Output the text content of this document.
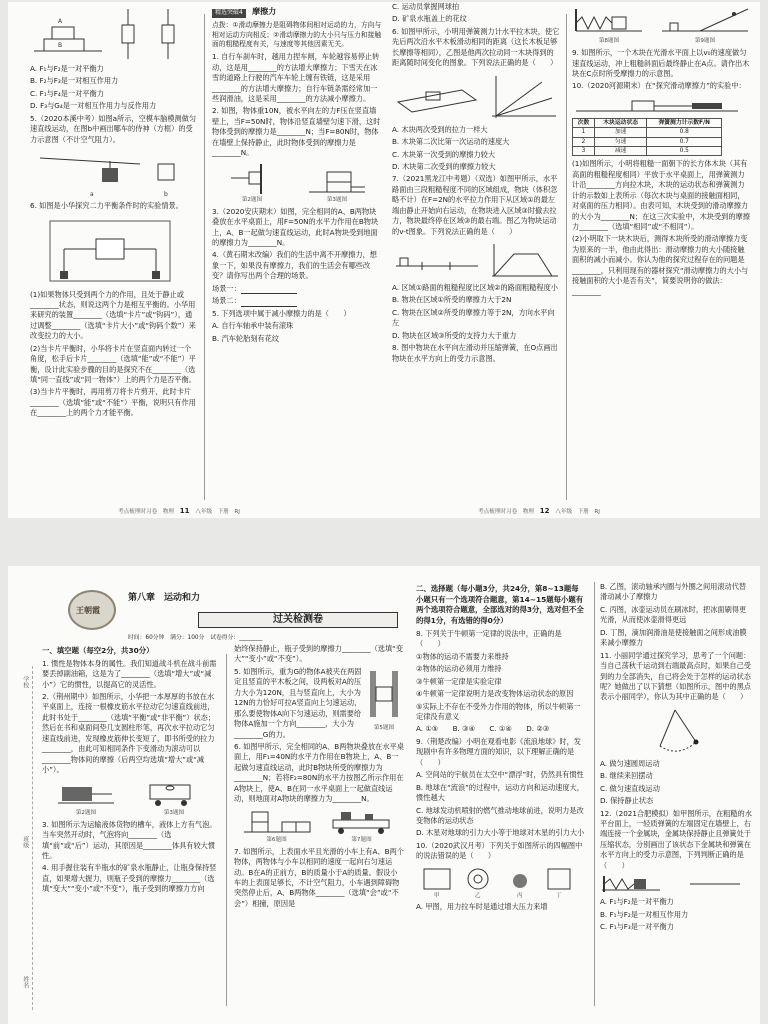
A
B

A. F₁与F₂是一对平衡力

B. F₂与F₃是一对相互作用力

C. F₁与F₄是一对平衡力

D. F₃与G₄是一对相互作用力与反作用力

5.（2020本溪中考）如图a所示，空模车脑模测做匀速直线运动，在图b中画出哪车的侍神（方框）的受力示意图（不计空气阻力）。

a	b

6. 如图是小华探究二力平衡条件时的实验情景。

(1)如果物体只受到两个力的作用，且处于静止或________状态，则说这两个力是相互平衡的。小华用来研究的装置________（选填“卡片”或“钩码”），通过调整________（选填“卡片大小”或“钩码个数”）来改变拉力的大小。

(2)当卡片平衡时，小华将卡片在竖直面内转过一个角度，松手后卡片________（选填“能”或“不能”）平衡，设计此实验步骤的目的是探究不在________（选填“同一直线”或“同一物体”）上的两个力是否平衡。

(3)当卡片平衡时，再用剪刀将卡片剪开，此时卡片________（选填“能”或“不能”）平衡，说明只有作用在________上的两个力才能平衡。

精选突破4 摩擦力

点拨：①滑动摩擦力是阻碍物体间相对运动的力，方向与相对运动方向相反；②滑动摩擦力的大小只与压力和接触面的粗糙程度有关，与速度等其他因素无关。

1. 自行车刹车时，越用力捏车闸，车轮越容易停止转动，这是用________的方法增大摩擦力；下雪天在冰雪的道路上行驶的汽车车轮上缠有铁链，这是采用________的方法增大摩擦力；自行车链条需经常加一些润滑油，这是采用________的方法减小摩擦力。

2. 如图，物体重10N，被水平向左的力F压在竖直墙壁上，当F=50N时，物体沿竖直墙壁匀速下滑，这时物体受到的摩擦力是________N；当F=80N时，物体在墙壁上保持静止，此时物体受到的摩擦力是________N。

第2题图	第3题图

3.（2020安庆期末）如图，完全相同的A、B两物块叠放在水平桌面上，用F=50N的水平力作用在B物块上，A、B一起做匀速直线运动，此时A物块受到地面的摩擦力为________N。

4.（黄石期末改编）我们的生活中离不开摩擦力，想象一下，如果没有摩擦力，我们的生活会有哪些改变？请你写出两个合理的场景。

场景一：

场景二：

5. 下列选项中属于减小摩擦力的是（　　）

A. 自行车轴承中装有滚珠

B. 汽车轮胎刻有花纹

C. 运动员掌握网球拍

D. 矿泉水瓶盖上的花纹

6. 如图甲所示，小明用弹簧测力计水平拉木块，使它先后两次沿水平木板滑动相同的距离（这长木板足够长摩擦等相同），乙图是他两次拉动同一木块得到的距离随时间变化的图象。下列说法正确的是（　　）

A. 木块两次受到的拉力一样大

B. 木块第二次比第一次运动的速度大

C. 木块第一次受到的摩擦力较大

D. 木块第二次受到的摩擦力较大

7.（2021黑龙江中考题）（双选）如图甲所示，水平路面由三段粗糙程度不同的区域组成，物块（体积忽略不计）在F=2N的水平拉力作用下从区域①的最左端由静止开始向右运动，在物块进入区域③时撤去拉力，物块最终停在区域③的最右端。图乙为物块运动的v-t图象。下列说法正确的是（　　）

A. 区域①路面的粗糙程度比区域②的路面粗糙程度小

B. 物块在区域①所受的摩擦力大于2N

C. 物块在区域②所受的摩擦力等于2N，方向水平向左

D. 物块在区域③所受的支持力大于重力

8. 图中物块在水平向左滑动并压缩弹簧，在O点画出物块在水平方向上的受力示意图。

第8题图	第9题图

9. 如图所示，一个木块在光滑水平面上以v₀的速度做匀速直线运动，冲上粗糙斜面后最终静止在A点。请作出木块在C点时所受摩擦力的示意图。

10.（2020河源期末）在“探究滑动摩擦力”的实验中：

次数	木块运动状态	弹簧测力计示数F/N
1	加速	0.8
2	匀速	0.7
3	减速	0.5

(1)如图所示，小明将粗糙一面朝下的长方体木块（其有高面的粗糙程度相同）平放于水平桌面上，用弹簧测力计沿________方向拉木块，木块的运动状态和弹簧测力计的示数如上表所示（每次木块与桌面的接触面相同，对桌面的压力相同）。由表可知，木块受到的滑动摩擦力的大小为________N；在这三次实验中，木块受到的摩擦力________（选填“相同”或“不相同”）。

(2)小明取下一块木块后，测得木块所受的滑动摩擦力变为原来的一半，他由此得出：滑动摩擦力的大小随接触面积的减小而减小。你认为他的探究过程存在的问题是________，只利用现有的器材探究“滑动摩擦力的大小与接触面积的大小是否有关”，简要说明你的做法：________

考点梳理时习卷　物理 11 八年级　下册　RJ	考点梳理时习卷　物理 12 八年级　下册　RJ
学校
班级
姓名
王朝霞
第八章　运动和力
过关检测卷
时间：60分钟　满分：100分　试卷得分：________

一、填空题（每空2分，共30分）

1. 惯性是物体本身的属性。我们知道战斗机在战斗前需要丢掉副油箱，这是为了________（选填“增大”或“减小”）它的惯性，以提高它的灵活性。

2.（荆州期中）如图所示，小华把一本厚厚的书放在水平桌面上，连接一根橡皮筋水平拉动它匀速直线前进，此时书处于________（选填“平衡”或“非平衡”）状态；然后在书和桌面间垫几支圆柱形笔，再次水平拉动它匀速直线前进，发现橡皮筋伸长变短了，即书所受的拉力________，由此可知相同条件下变滑动为滚动可以________物体间的摩擦（后两空均选填“增大”或“减小”）。

第2题图	第3题图

3. 如图所示为运输液体货物的槽车，液体上方有气泡。当车突然开动时，气泡将向________（选填“前”或“后”）运动，其原因是________体具有较大惯性。

4. 用手握住装有半瓶水的矿泉水瓶静止，让瓶身保持竖直，如果增大握力，则瓶子受到的摩擦力________（选填“变大”“变小”或“不变”），瓶子受到的摩擦力方向

始终保持静止，瓶子受到的摩擦力________（选填“变大”“变小”或“不变”）。

5. 如图所示，重为G的物体A被夹在两固定且竖直的平木板之间，设两板对A的压力大小为120N，且与竖直向上，大小为12N的力恰好可拉A竖直向上匀速运动，那么要使物体A向下匀速运动，则需要给物体A施加一个方向________，大小为________G的力。

第5题图

6. 如图甲所示，完全相同的A、B两物块叠放在水平桌面上，用F₁=40N的水平力作用在B物块上，A、B一起做匀速直线运动，此时B物块所受的摩擦力为________N；若将F₂=80N的水平力按图乙所示作用在A物块上，使A、B在同一水平桌面上一起做直线运动，则地面对A物块的摩擦力为________N。

第6题图	第7题图

7. 如图所示，上表面水平且光滑的小车上有A、B两个物体，两物体与小车以相同的速度一起向右匀速运动。B在A的正前方，B的质量小于A的质量。假设小车的上表面足够长，不计空气阻力，小车遇到障碍物突然停止后，A、B两物体________（选填“会”或“不会”）相撞，原因是

二、选择题（每小题3分，共24分，第8~13题每小题只有一个选项符合题意，第14~15题每小题有两个选项符合题意，全部选对的得3分，选对但不全的得1分，有选错的得0分）

8. 下列关于牛顿第一定律的说法中，正确的是（　　）

①物体的运动不需要力来维持

②物体的运动必须用力维持

③牛顿第一定律是实验定律

④牛顿第一定律说明力是改变物体运动状态的原因

⑤实际上不存在不受外力作用的物体，所以牛顿第一定律没有意义

A. ①⑤　　B. ③④　　C. ①④　　D. ②③

9.（荆楚改编）小明在观看电影《流浪地球》时，发现剧中有许多物理方面的知识，以下理解正确的是（　　）

A. 空间站的宇航员在太空中“漂浮”时，仍然具有惯性

B. 地球在“流浪”的过程中，运动方向和运动速度大，惯性越大

C. 地球发动机喷射的燃气推动地球前进，说明力是改变物体的运动状态

D. 木星对地球的引力大小等于地球对木星的引力大小

10.（2020武汉月考）下列关于如图所示的四幅图中的说法错误的是（　　）

甲	乙	丙	丁

A. 甲图，用力拉车时是通过增大压力来增

B. 乙图，滚动轴承内圈与外圈之间用滚动代替滑动减小了摩擦力

C. 丙图，冰壶运动员在刷冰时，把冰面刷得更光滑，从而使冰壶滑得更远

D. 丁图，滴加润滑油是使接触面之间形成油膜来减小摩擦力

11. 小丽同学通过探究学习，思考了一个问题：当自己荡秋千运动到右端最高点时，如果自己受到的力全部消失，自己将会处于怎样的运动状态呢？她做出了以下猜想（如图所示，图中的黑点表示小丽同学），你认为其中正确的是（　　）

A. 做匀速圆周运动

B. 继续来回摆动

C. 做匀速直线运动

D. 保持静止状态

12.（2021合肥模拟）如甲图所示，在粗糙的水平台面上，一轻质弹簧的左端固定在墙壁上，右端连接一个金属块，金属块保持静止且弹簧处于压缩状态，分别画出了该状态下金属块和弹簧在水平方向上的受力示意图，下列判断正确的是（　　）

A. F₁与F₂是一对平衡力

B. F₁与F₂是一对相互作用力

C. F₁与F₃是一对平衡力
